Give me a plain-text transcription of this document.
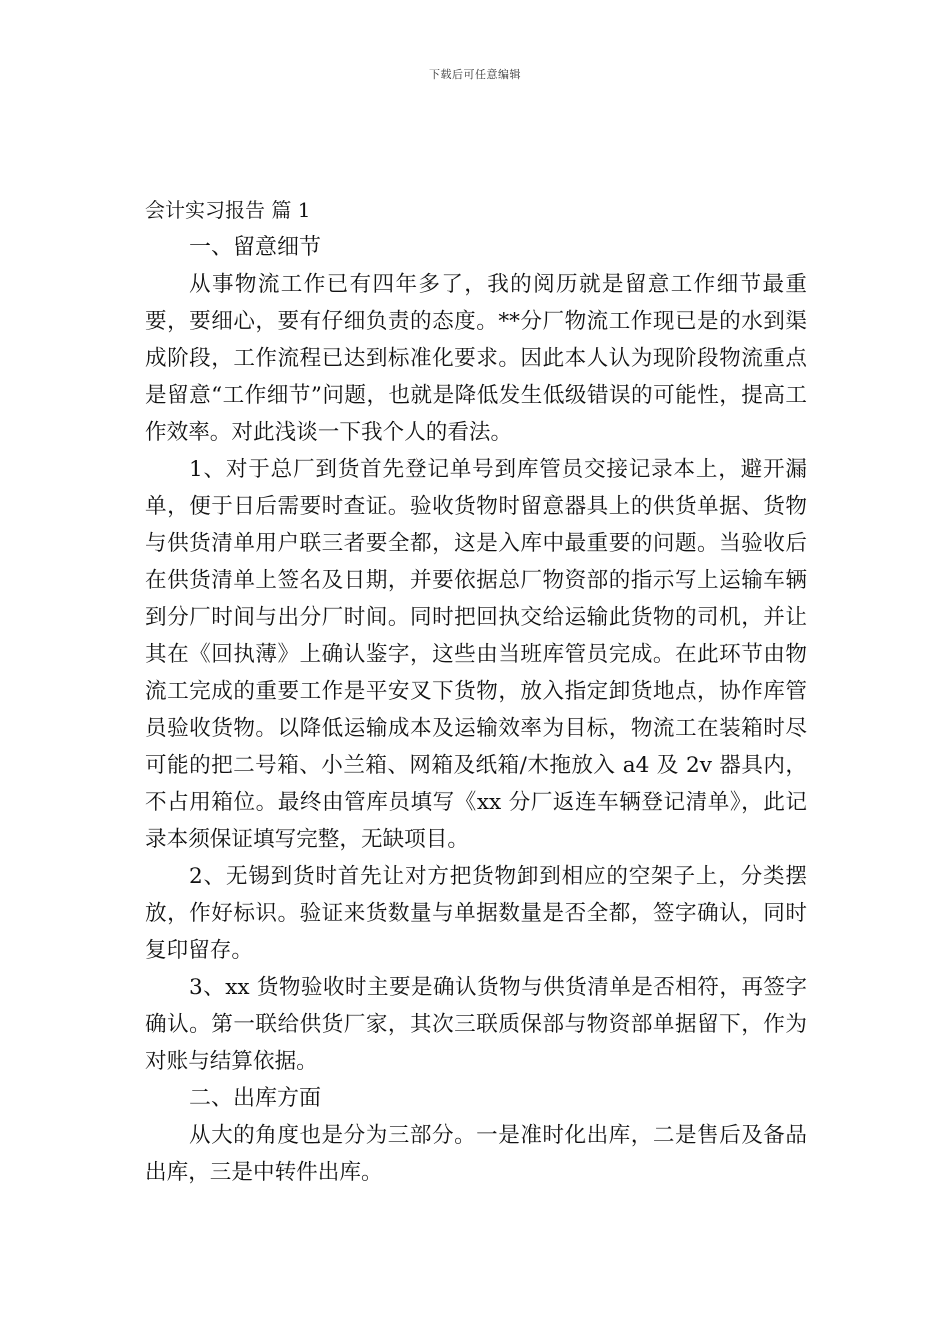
下载后可任意编辑
会计实习报告 篇 1

一、留意细节

从事物流工作已有四年多了，我的阅历就是留意工作细节最重要，要细心，要有仔细负责的态度。**分厂物流工作现已是的水到渠成阶段，工作流程已达到标准化要求。因此本人认为现阶段物流重点是留意“工作细节”问题，也就是降低发生低级错误的可能性，提高工作效率。对此浅谈一下我个人的看法。

1、对于总厂到货首先登记单号到库管员交接记录本上，避开漏单，便于日后需要时查证。验收货物时留意器具上的供货单据、货物与供货清单用户联三者要全都，这是入库中最重要的问题。当验收后在供货清单上签名及日期，并要依据总厂物资部的指示写上运输车辆到分厂时间与出分厂时间。同时把回执交给运输此货物的司机，并让其在《回执薄》上确认鉴字，这些由当班库管员完成。在此环节由物流工完成的重要工作是平安叉下货物，放入指定卸货地点，协作库管员验收货物。以降低运输成本及运输效率为目标，物流工在装箱时尽可能的把二号箱、小兰箱、网箱及纸箱/木拖放入 a4 及 2v 器具内，不占用箱位。最终由管库员填写《xx 分厂返连车辆登记清单》，此记录本须保证填写完整，无缺项目。

2、无锡到货时首先让对方把货物卸到相应的空架子上，分类摆放，作好标识。验证来货数量与单据数量是否全都，签字确认，同时复印留存。

3、xx 货物验收时主要是确认货物与供货清单是否相符，再签字确认。第一联给供货厂家，其次三联质保部与物资部单据留下，作为对账与结算依据。

二、出库方面

从大的角度也是分为三部分。一是准时化出库，二是售后及备品出库，三是中转件出库。
